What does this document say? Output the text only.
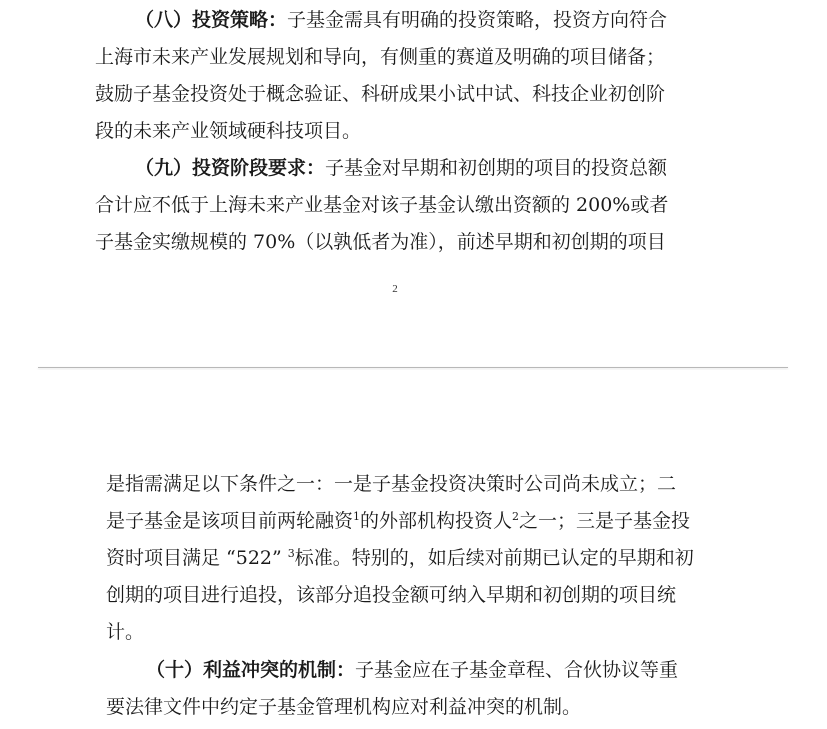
（八）投资策略：子基金需具有明确的投资策略，投资方向符合
上海市未来产业发展规划和导向，有侧重的赛道及明确的项目储备；
鼓励子基金投资处于概念验证、科研成果小试中试、科技企业初创阶
段的未来产业领域硬科技项目。
（九）投资阶段要求：子基金对早期和初创期的项目的投资总额
合计应不低于上海未来产业基金对该子基金认缴出资额的 200%或者
子基金实缴规模的 70%（以孰低者为准），前述早期和初创期的项目
2
是指需满足以下条件之一：一是子基金投资决策时公司尚未成立；二
是子基金是该项目前两轮融资$^1$的外部机构投资人$^2$之一；三是子基金投
资时项目满足 “522” $^3$标准。特别的，如后续对前期已认定的早期和初
创期的项目进行追投，该部分追投金额可纳入早期和初创期的项目统
计。
（十）利益冲突的机制：子基金应在子基金章程、合伙协议等重
要法律文件中约定子基金管理机构应对利益冲突的机制。
